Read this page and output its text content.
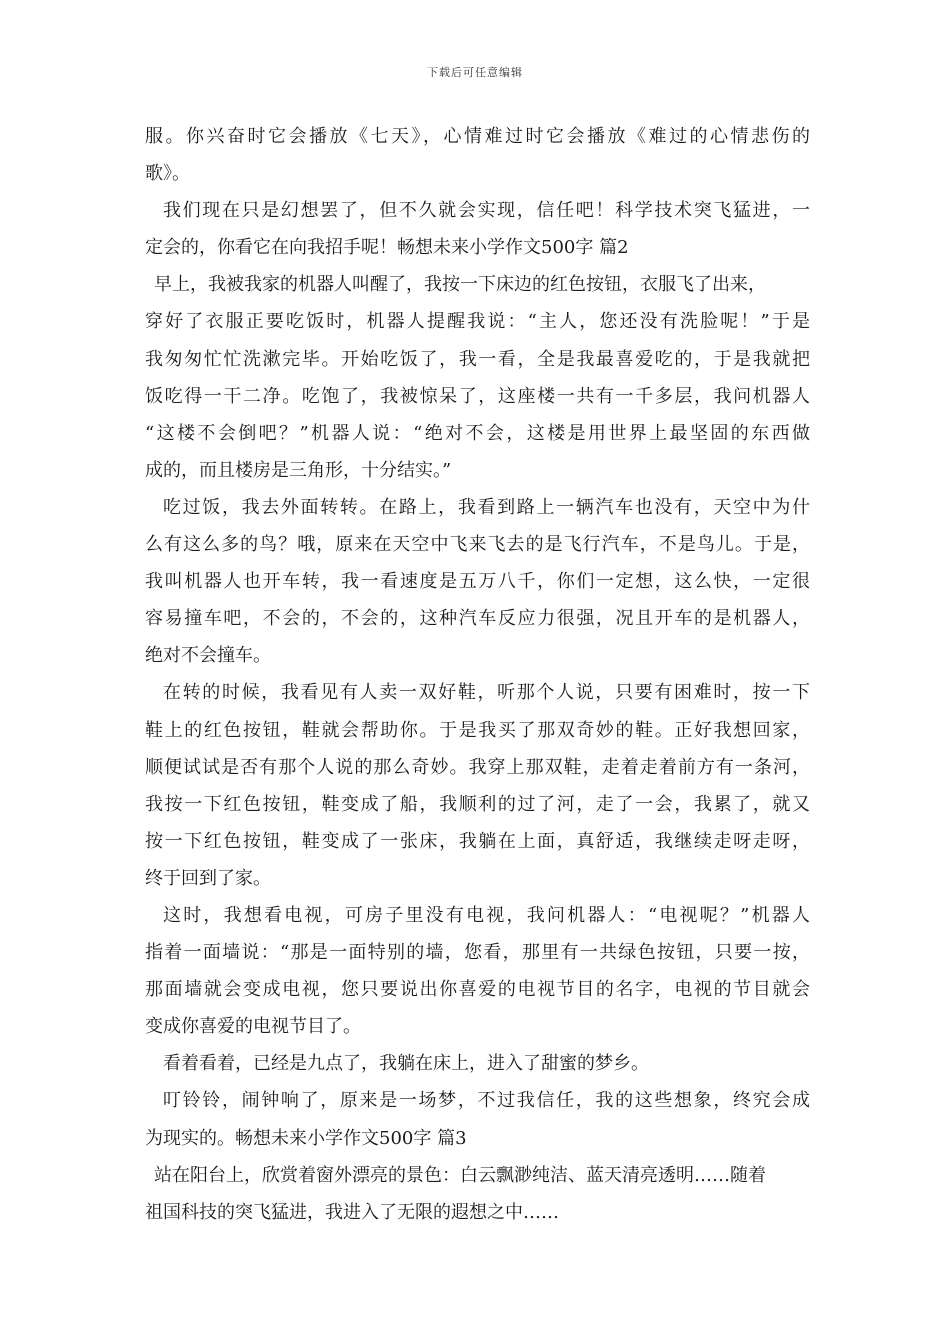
下载后可任意编辑
服。你兴奋时它会播放《七天》，心情难过时它会播放《难过的心情悲伤的
歌》。
我们现在只是幻想罢了，但不久就会实现，信任吧！科学技术突飞猛进，一
定会的，你看它在向我招手呢！畅想未来小学作文500字 篇2
早上，我被我家的机器人叫醒了，我按一下床边的红色按钮，衣服飞了出来，
穿好了衣服正要吃饭时，机器人提醒我说：“主人，您还没有洗脸呢！”于是
我匆匆忙忙洗漱完毕。开始吃饭了，我一看，全是我最喜爱吃的，于是我就把
饭吃得一干二净。吃饱了，我被惊呆了，这座楼一共有一千多层，我问机器人
“这楼不会倒吧？”机器人说：“绝对不会，这楼是用世界上最坚固的东西做
成的，而且楼房是三角形，十分结实。”
吃过饭，我去外面转转。在路上，我看到路上一辆汽车也没有，天空中为什
么有这么多的鸟？哦，原来在天空中飞来飞去的是飞行汽车，不是鸟儿。于是，
我叫机器人也开车转，我一看速度是五万八千，你们一定想，这么快，一定很
容易撞车吧，不会的，不会的，这种汽车反应力很强，况且开车的是机器人，
绝对不会撞车。
在转的时候，我看见有人卖一双好鞋，听那个人说，只要有困难时，按一下
鞋上的红色按钮，鞋就会帮助你。于是我买了那双奇妙的鞋。正好我想回家，
顺便试试是否有那个人说的那么奇妙。我穿上那双鞋，走着走着前方有一条河，
我按一下红色按钮，鞋变成了船，我顺利的过了河，走了一会，我累了，就又
按一下红色按钮，鞋变成了一张床，我躺在上面，真舒适，我继续走呀走呀，
终于回到了家。
这时，我想看电视，可房子里没有电视，我问机器人：“电视呢？”机器人
指着一面墙说：“那是一面特别的墙，您看，那里有一共绿色按钮，只要一按，
那面墙就会变成电视，您只要说出你喜爱的电视节目的名字，电视的节目就会
变成你喜爱的电视节目了。
看着看着，已经是九点了，我躺在床上，进入了甜蜜的梦乡。
叮铃铃，闹钟响了，原来是一场梦，不过我信任，我的这些想象，终究会成
为现实的。畅想未来小学作文500字 篇3
站在阳台上，欣赏着窗外漂亮的景色：白云飘渺纯洁、蓝天清亮透明……随着
祖国科技的突飞猛进，我进入了无限的遐想之中……
